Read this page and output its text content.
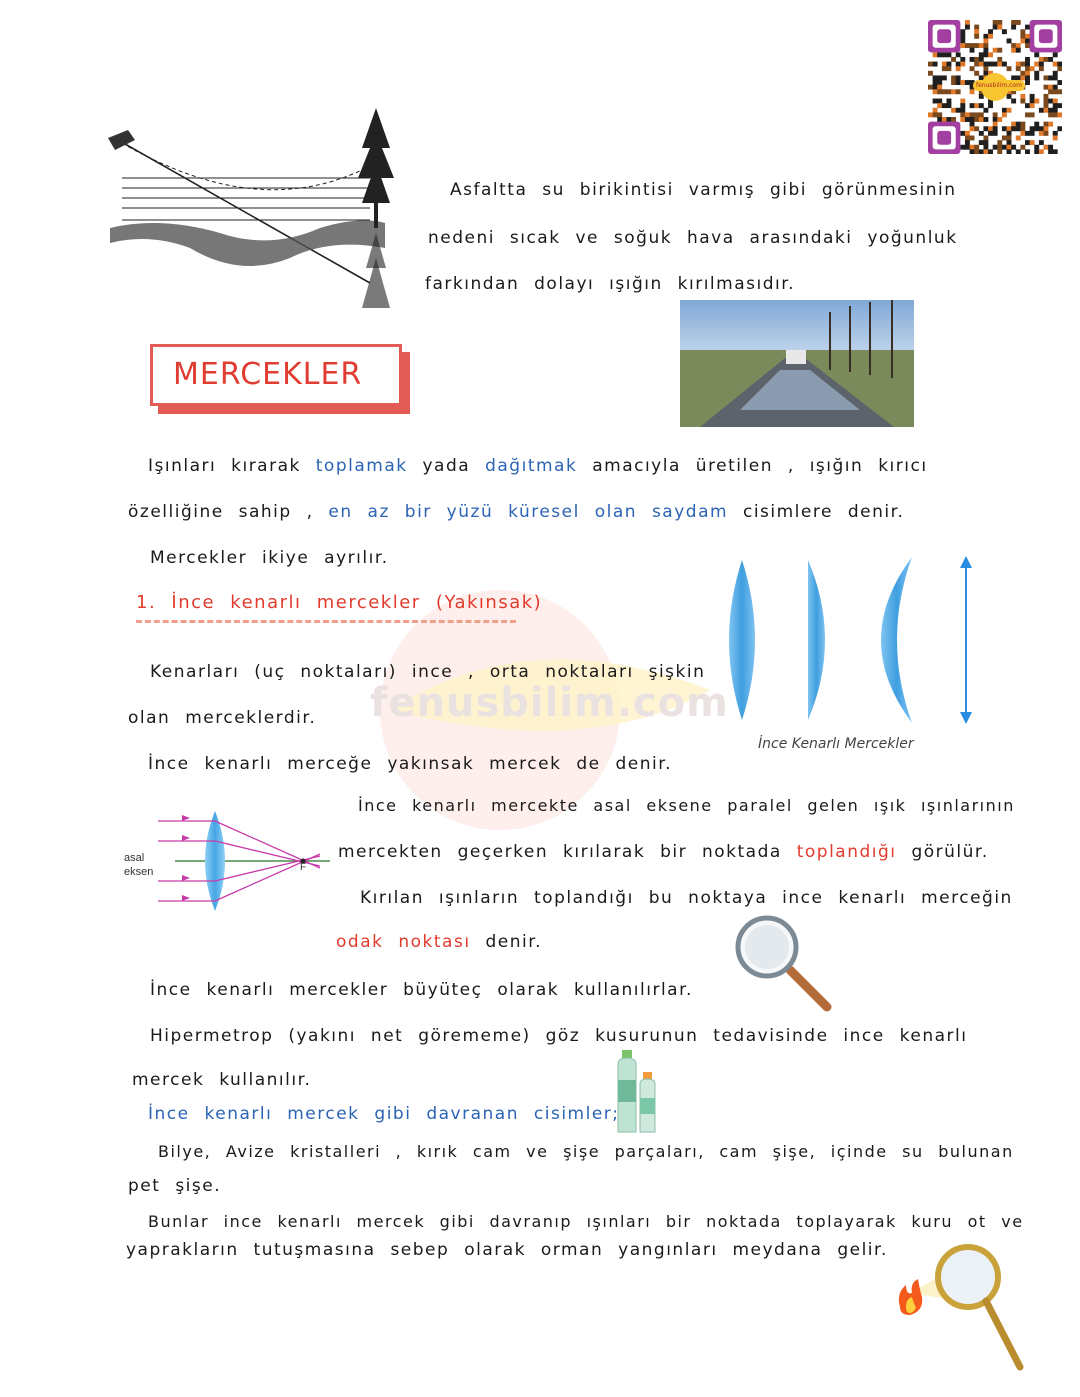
fenusbilim.com
fenusbilim.com
Asfaltta su birikintisi varmış gibi görünmesinin
nedeni sıcak ve soğuk hava arasındaki yoğunluk
farkından dolayı ışığın kırılmasıdır.
MERCEKLER
Işınları kırarak toplamak yada dağıtmak amacıyla üretilen , ışığın kırıcı
özelliğine sahip , en az bir yüzü küresel olan saydam cisimlere denir.
Mercekler ikiye ayrılır.
1. İnce kenarlı mercekler (Yakınsak)
İnce Kenarlı Mercekler
Kenarları (uç noktaları) ince , orta noktaları şişkin
olan merceklerdir.
İnce kenarlı merceğe yakınsak mercek de denir.
asal
eksen	F
İnce kenarlı mercekte asal eksene paralel gelen ışık ışınlarının
mercekten geçerken kırılarak bir noktada toplandığı görülür.
Kırılan ışınların toplandığı bu noktaya ince kenarlı merceğin
odak noktası denir.
İnce kenarlı mercekler büyüteç olarak kullanılırlar.
Hipermetrop (yakını net görememe) göz kusurunun tedavisinde ince kenarlı
mercek kullanılır.
İnce kenarlı mercek gibi davranan cisimler;
Bilye, Avize kristalleri , kırık cam ve şişe parçaları, cam şişe, içinde su bulunan
pet şişe.
Bunlar ince kenarlı mercek gibi davranıp ışınları bir noktada toplayarak kuru ot ve
yaprakların tutuşmasına sebep olarak orman yangınları meydana gelir.
